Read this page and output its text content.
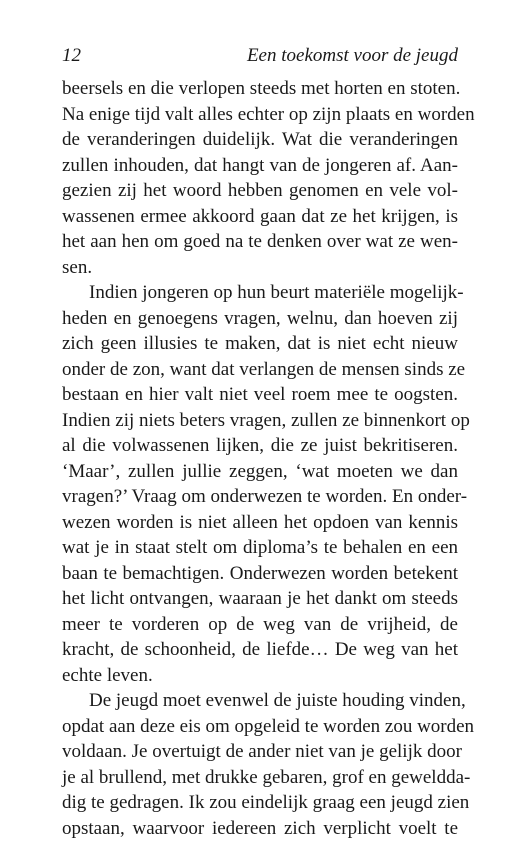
12	Een toekomst voor de jeugd
beersels en die verlopen steeds met horten en stoten.
Na enige tijd valt alles echter op zijn plaats en worden
de veranderingen duidelijk. Wat die veranderingen
zullen inhouden, dat hangt van de jongeren af. Aan-
gezien zij het woord hebben genomen en vele vol-
wassenen ermee akkoord gaan dat ze het krijgen, is
het aan hen om goed na te denken over wat ze wen-
sen.
Indien jongeren op hun beurt materiële mogelijk-
heden en genoegens vragen, welnu, dan hoeven zij
zich geen illusies te maken, dat is niet echt nieuw
onder de zon, want dat verlangen de mensen sinds ze
bestaan en hier valt niet veel roem mee te oogsten.
Indien zij niets beters vragen, zullen ze binnenkort op
al die volwassenen lijken, die ze juist bekritiseren.
‘Maar’, zullen jullie zeggen, ‘wat moeten we dan
vragen?’ Vraag om onderwezen te worden. En onder-
wezen worden is niet alleen het opdoen van kennis
wat je in staat stelt om diploma’s te behalen en een
baan te bemachtigen. Onderwezen worden betekent
het licht ontvangen, waaraan je het dankt om steeds
meer te vorderen op de weg van de vrijheid, de
kracht, de schoonheid, de liefde… De weg van het
echte leven.
De jeugd moet evenwel de juiste houding vinden,
opdat aan deze eis om opgeleid te worden zou worden
voldaan. Je overtuigt de ander niet van je gelijk door
je al brullend, met drukke gebaren, grof en gewelddа-
dig te gedragen. Ik zou eindelijk graag een jeugd zien
opstaan, waarvoor iedereen zich verplicht voelt te
